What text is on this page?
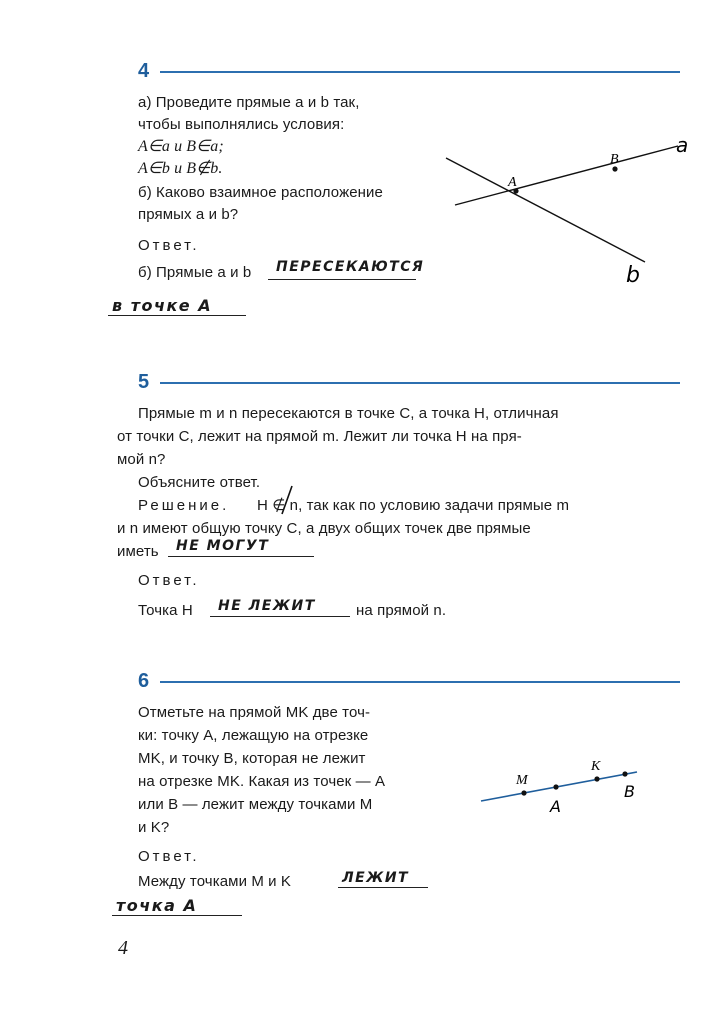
4
а) Проведите прямые a и b так,
чтобы выполнялись условия:
A∈a и B∈a;
A∈b и B∉b.
б) Каково взаимное расположение
прямых a и b?
Ответ.
б) Прямые a и b ПЕРЕСЕКАЮТСЯ
в точке А
A
B
a
b
5
Прямые m и n пересекаются в точке C, а точка H, отличная
от точки C, лежит на прямой m. Лежит ли точка H на пря-
мой n?
Объясните ответ.
Решение. H ∉ n, так как по условию задачи прямые m
и n имеют общую точку C, а двух общих точек две прямые
иметь НЕ МОГУТ
Ответ.
Точка H НЕ ЛЕЖИТ	на прямой n.
6
Отметьте на прямой MK две точ-
ки: точку A, лежащую на отрезке
MK, и точку B, которая не лежит
на отрезке MK. Какая из точек — A
или B — лежит между точками M
и K?
Ответ.
Между точками M и K	ЛЕЖИТ
точка А
M
K
A
B
4
